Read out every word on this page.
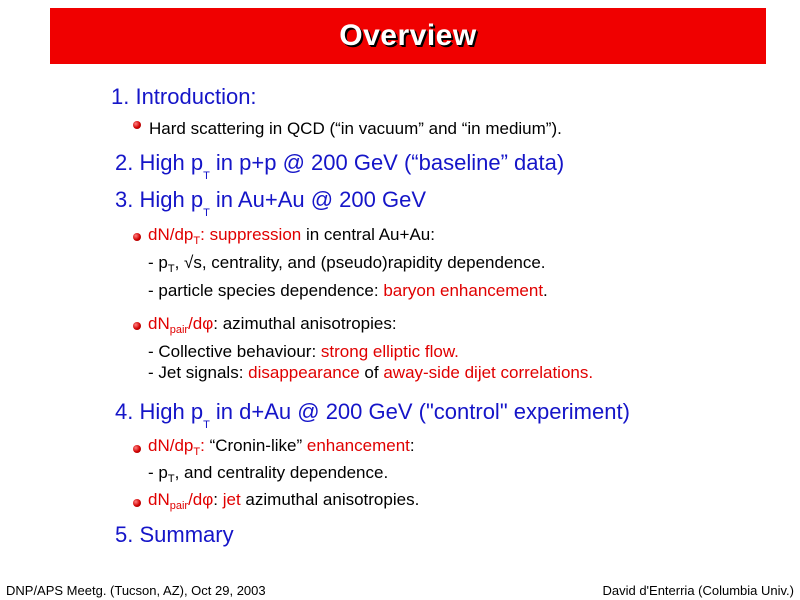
Overview
1. Introduction:
Hard scattering in QCD (“in vacuum” and “in medium”).
2. High $p_T$ in p+p @ 200 GeV (“baseline” data)
3. High $p_T$ in Au+Au @ 200 GeV
$dN/dp_T$: suppression in central Au+Au:
- $p_T$, √s, centrality, and (pseudo)rapidity dependence.
- particle species dependence: baryon enhancement.
$dN_{pair}/d\varphi$: azimuthal anisotropies:
- Collective behaviour: strong elliptic flow.
- Jet signals: disappearance of away-side dijet correlations.
4. High $p_T$ in d+Au @ 200 GeV ("control" experiment)
$dN/dp_T$: “Cronin-like” enhancement:
- $p_T$, and centrality dependence.
$dN_{pair}/d\varphi$: jet azimuthal anisotropies.
5. Summary
DNP/APS Meetg. (Tucson, AZ), Oct 29, 2003	David d'Enterria (Columbia Univ.)
